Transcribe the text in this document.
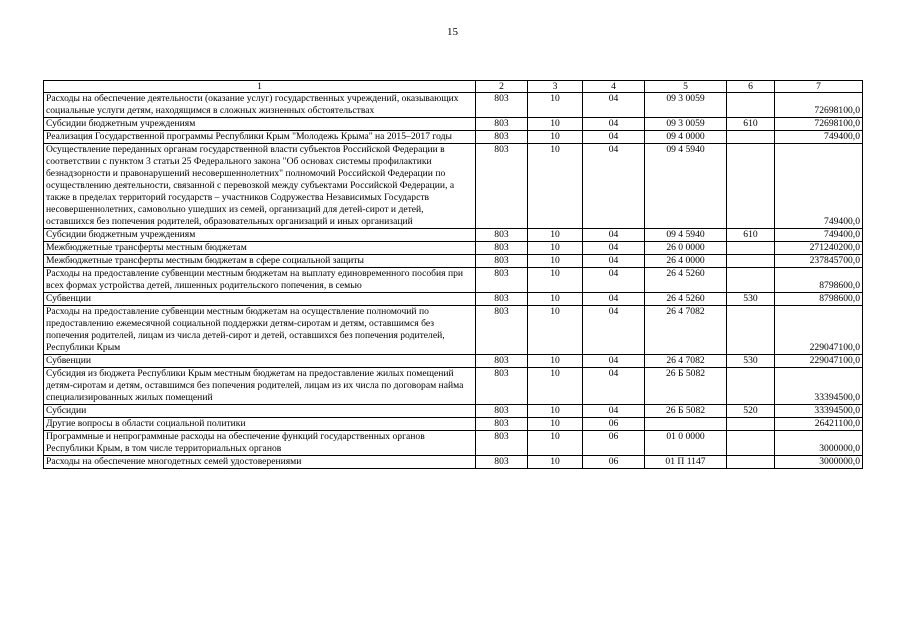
15
1	2	3	4	5	6	7
Расходы на обеспечение деятельности (оказание услуг) государственных учреждений, оказывающих социальные услуги детям, находящимся в сложных жизненных обстоятельствах	803	10	04	09 3 0059		72698100,0
Субсидии бюджетным учреждениям	803	10	04	09 3 0059	610	72698100,0
Реализация Государственной программы Республики Крым "Молодежь Крыма" на 2015–2017 годы	803	10	04	09 4 0000		749400,0
Осуществление переданных органам государственной власти субъектов Российской Федерации в соответствии с пунктом 3 статьи 25 Федерального закона "Об основах системы профилактики безнадзорности и правонарушений несовершеннолетних" полномочий Российской Федерации по осуществлению деятельности, связанной с перевозкой между субъектами Российской Федерации, а также в пределах территорий государств – участников Содружества Независимых Государств несовершеннолетних, самовольно ушедших из семей, организаций для детей-сирот и детей, оставшихся без попечения родителей, образовательных организаций и иных организаций	803	10	04	09 4 5940		749400,0
Субсидии бюджетным учреждениям	803	10	04	09 4 5940	610	749400,0
Межбюджетные трансферты местным бюджетам	803	10	04	26 0 0000		271240200,0
Межбюджетные трансферты местным бюджетам в сфере социальной защиты	803	10	04	26 4 0000		237845700,0
Расходы на предоставление субвенции местным бюджетам на выплату единовременного пособия при всех формах устройства детей, лишенных родительского попечения, в семью	803	10	04	26 4 5260		8798600,0
Субвенции	803	10	04	26 4 5260	530	8798600,0
Расходы на предоставление субвенции местным бюджетам на осуществление полномочий по предоставлению ежемесячной социальной поддержки детям-сиротам и детям, оставшимся без попечения родителей, лицам из числа детей-сирот и детей, оставшихся без попечения родителей, Республики Крым	803	10	04	26 4 7082		229047100,0
Субвенции	803	10	04	26 4 7082	530	229047100,0
Субсидия из бюджета Республики Крым местным бюджетам на предоставление жилых помещений детям-сиротам и детям, оставшимся без попечения родителей, лицам из их числа по договорам найма специализированных жилых помещений	803	10	04	26 Б 5082		33394500,0
Субсидии	803	10	04	26 Б 5082	520	33394500,0
Другие вопросы в области социальной политики	803	10	06			26421100,0
Программные и непрограммные расходы на обеспечение функций государственных органов Республики Крым, в том числе территориальных органов	803	10	06	01 0 0000		3000000,0
Расходы на обеспечение многодетных семей удостоверениями	803	10	06	01 П 1147		3000000,0
